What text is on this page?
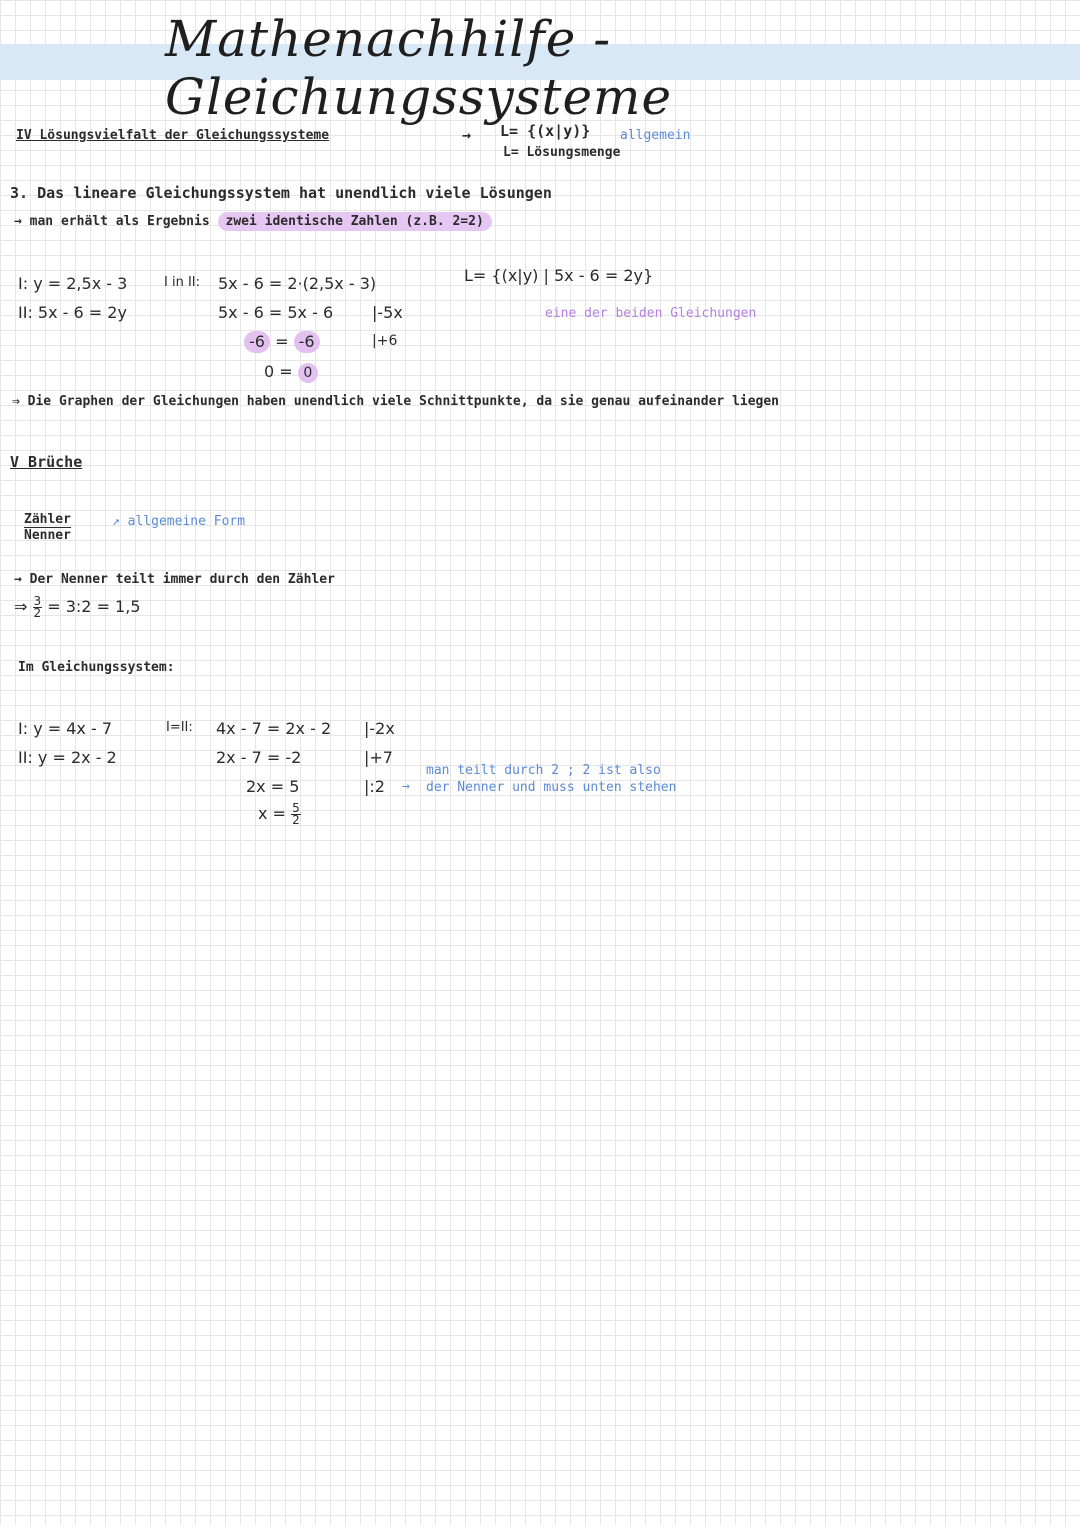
Mathenachhilfe - Gleichungssysteme
IV Lösungsvielfalt der Gleichungssysteme	→ L= {(x|y)} allgemein
L= Lösungsmenge
3. Das lineare Gleichungssystem hat unendlich viele Lösungen
→ man erhält als Ergebnis zwei identische Zahlen (z.B. 2=2)
I: y = 2,5x - 3
II: 5x - 6 = 2y
I in II: 5x - 6 = 2·(2,5x - 3)
5x - 6 = 5x - 6 |-5x
|+6
-6 = -6
0 = 0
L= {(x|y) | 5x - 6 = 2y}
eine der beiden Gleichungen
⇒ Die Graphen der Gleichungen haben unendlich viele Schnittpunkte, da sie genau aufeinander liegen
V Brüche
Zähler
Nenner
↗ allgemeine Form
→ Der Nenner teilt immer durch den Zähler
⇒ $\frac{3}{2}$ = 3:2 = 1,5
Im Gleichungssystem:
I: y = 4x - 7
II: y = 2x - 2
I=II: 4x - 7 = 2x - 2
2x - 7 = -2
2x = 5
$x = \frac{5}{2}$
|-2x
|+7
|:2 →
man teilt durch 2 ; 2 ist also
der Nenner und muss unten stehen
